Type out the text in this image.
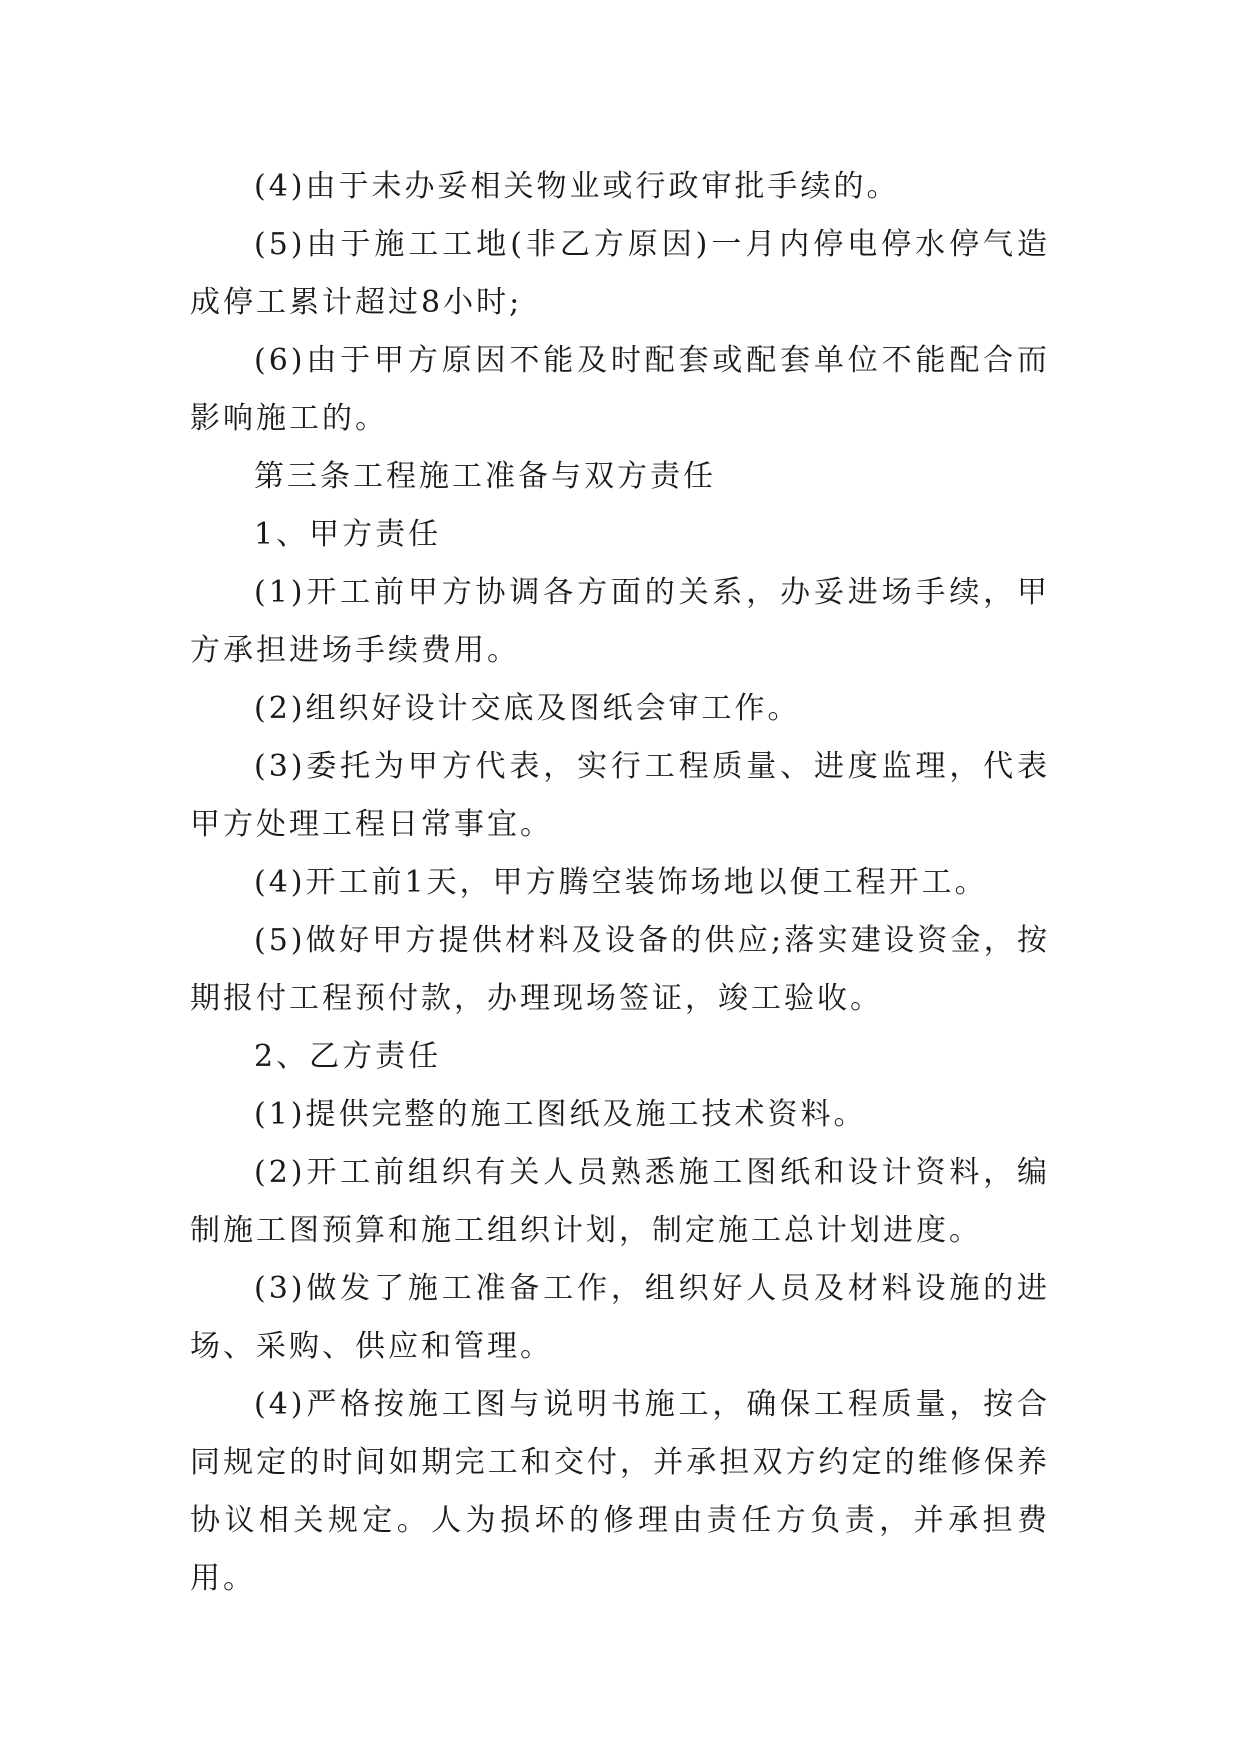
(4)由于未办妥相关物业或行政审批手续的。

(5)由于施工工地(非乙方原因)一月内停电停水停气造成停工累计超过8小时;

(6)由于甲方原因不能及时配套或配套单位不能配合而影响施工的。

第三条工程施工准备与双方责任

1、甲方责任

(1)开工前甲方协调各方面的关系，办妥进场手续，甲方承担进场手续费用。

(2)组织好设计交底及图纸会审工作。

(3)委托为甲方代表，实行工程质量、进度监理，代表甲方处理工程日常事宜。

(4)开工前1天，甲方腾空装饰场地以便工程开工。

(5)做好甲方提供材料及设备的供应;落实建设资金，按期报付工程预付款，办理现场签证，竣工验收。

2、乙方责任

(1)提供完整的施工图纸及施工技术资料。

(2)开工前组织有关人员熟悉施工图纸和设计资料，编制施工图预算和施工组织计划，制定施工总计划进度。

(3)做发了施工准备工作，组织好人员及材料设施的进场、采购、供应和管理。

(4)严格按施工图与说明书施工，确保工程质量，按合同规定的时间如期完工和交付，并承担双方约定的维修保养协议相关规定。人为损坏的修理由责任方负责，并承担费用。
